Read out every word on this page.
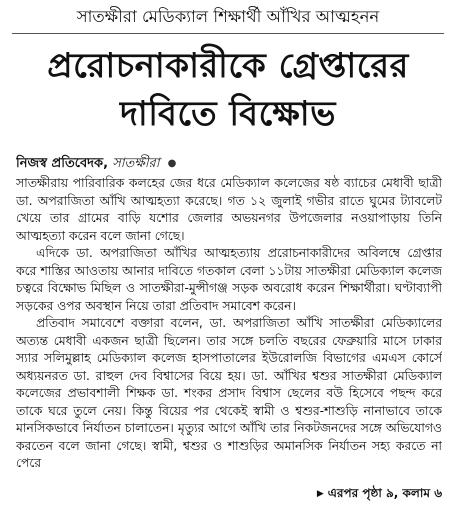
সাতক্ষীরা মেডিক্যাল শিক্ষার্থী আঁখির আত্মহনন
প্ররোচনাকারীকে গ্রেপ্তারের
দাবিতে বিক্ষোভ
নিজস্ব প্রতিবেদক, সাতক্ষীরা ●

সাতক্ষীরায় পারিবারিক কলহের জের ধরে মেডিক্যাল কলেজের ষষ্ঠ ব্যাচের মেধাবী ছাত্রী ডা. অপরাজিতা আঁখি আত্মহত্যা করেছে। গত ১২ জুলাই গভীর রাতে ঘুমের ট্যাবলেট খেয়ে তার গ্রামের বাড়ি যশোর জেলার অভয়নগর উপজেলার নওয়াপাড়ায় তিনি আত্মহত্যা করেন বলে জানা গেছে।

এদিকে ডা. অপরাজিতা আঁখির আত্মহত্যায় প্ররোচনাকারীদের অবিলম্বে গ্রেপ্তার করে শাস্তির আওতায় আনার দাবিতে গতকাল বেলা ১১টায় সাতক্ষীরা মেডিক্যাল কলেজ চত্বরে বিক্ষোভ মিছিল ও সাতক্ষীরা-মুন্সীগঞ্জ সড়ক অবরোধ করেন শিক্ষার্থীরা। ঘণ্টাব্যাপী সড়কের ওপর অবস্থান নিয়ে তারা প্রতিবাদ সমাবেশ করেন।

প্রতিবাদ সমাবেশে বক্তারা বলেন, ডা. অপরাজিতা আঁখি সাতক্ষীরা মেডিক্যালের অত্যন্ত মেধাবী একজন ছাত্রী ছিলেন। তার সঙ্গে চলতি বছরের ফেব্রুয়ারি মাসে ঢাকার স্যার সলিমুল্লাহ মেডিক্যাল কলেজ হাসপাতালের ইউরোলজি বিভাগের এমএস কোর্সে অধ্যয়নরত ডা. রাহুল দেব বিশ্বাসের বিয়ে হয়। ডা. আঁখির শ্বশুর সাতক্ষীরা মেডিক্যাল কলেজের প্রভাবশালী শিক্ষক ডা. শংকর প্রসাদ বিশ্বাস ছেলের বউ হিসেবে পছন্দ করে তাকে ঘরে তুলে নেয়। কিন্তু বিয়ের পর থেকেই স্বামী ও শ্বশুর-শাশুড়ি নানাভাবে তাকে মানসিকভাবে নির্যাতন চালাতেন। মৃত্যুর আগে আঁখি তার নিকটজনদের সঙ্গে অভিযোগও করতেন বলে জানা গেছে। স্বামী, শ্বশুর ও শাশুড়ির অমানসিক নির্যাতন সহ্য করতে না পেরে

▶ এরপর পৃষ্ঠা ৯, কলাম ৬
